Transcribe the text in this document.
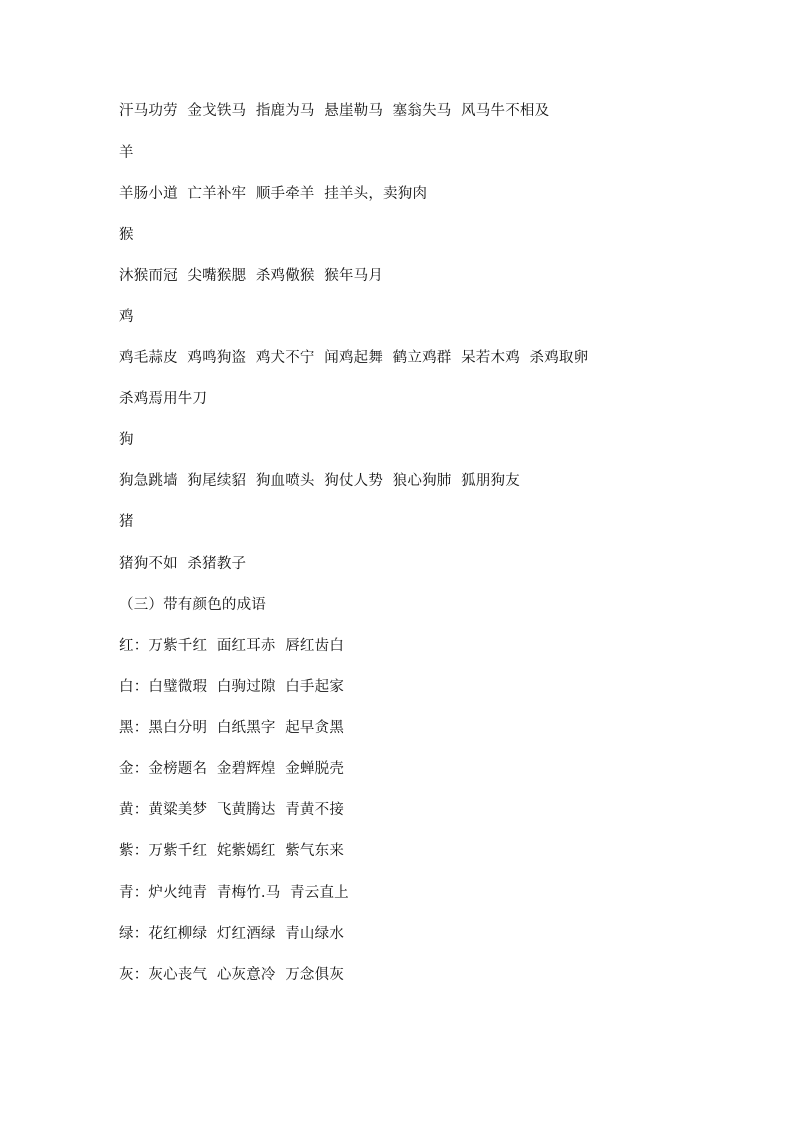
汗马功劳  金戈铁马  指鹿为马  悬崖勒马  塞翁失马  风马牛不相及
羊
羊肠小道  亡羊补牢  顺手牵羊  挂羊头，卖狗肉
猴
沐猴而冠  尖嘴猴腮  杀鸡儆猴  猴年马月
鸡
鸡毛蒜皮  鸡鸣狗盗  鸡犬不宁  闻鸡起舞  鹤立鸡群  呆若木鸡  杀鸡取卵
杀鸡焉用牛刀
狗
狗急跳墙  狗尾续貂  狗血喷头  狗仗人势  狼心狗肺  狐朋狗友
猪
猪狗不如  杀猪教子
（三）带有颜色的成语
红：万紫千红  面红耳赤  唇红齿白
白：白璧微瑕  白驹过隙  白手起家
黑：黑白分明  白纸黑字  起早贪黑
金：金榜题名  金碧辉煌  金蝉脱壳
黄：黄粱美梦  飞黄腾达  青黄不接
紫：万紫千红  姹紫嫣红  紫气东来
青：炉火纯青  青梅竹.马  青云直上
绿：花红柳绿  灯红酒绿  青山绿水
灰：灰心丧气  心灰意冷  万念俱灰
